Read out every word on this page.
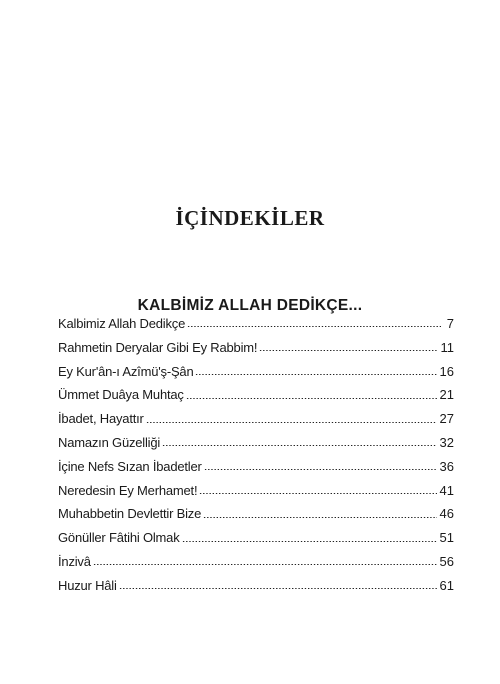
İÇİNDEKİLER
KALBİMİZ ALLAH DEDİKÇE...
Kalbimiz Allah Dedikçe	7
Rahmetin Deryalar Gibi Ey Rabbim!	11
Ey Kur'ân-ı Azîmü'ş-Şân	16
Ümmet Duâya Muhtaç	21
İbadet, Hayattır	27
Namazın Güzelliği	32
İçine Nefs Sızan İbadetler	36
Neredesin Ey Merhamet!	41
Muhabbetin Devlettir Bize	46
Gönüller Fâtihi Olmak	51
İnzivâ	56
Huzur Hâli	61
